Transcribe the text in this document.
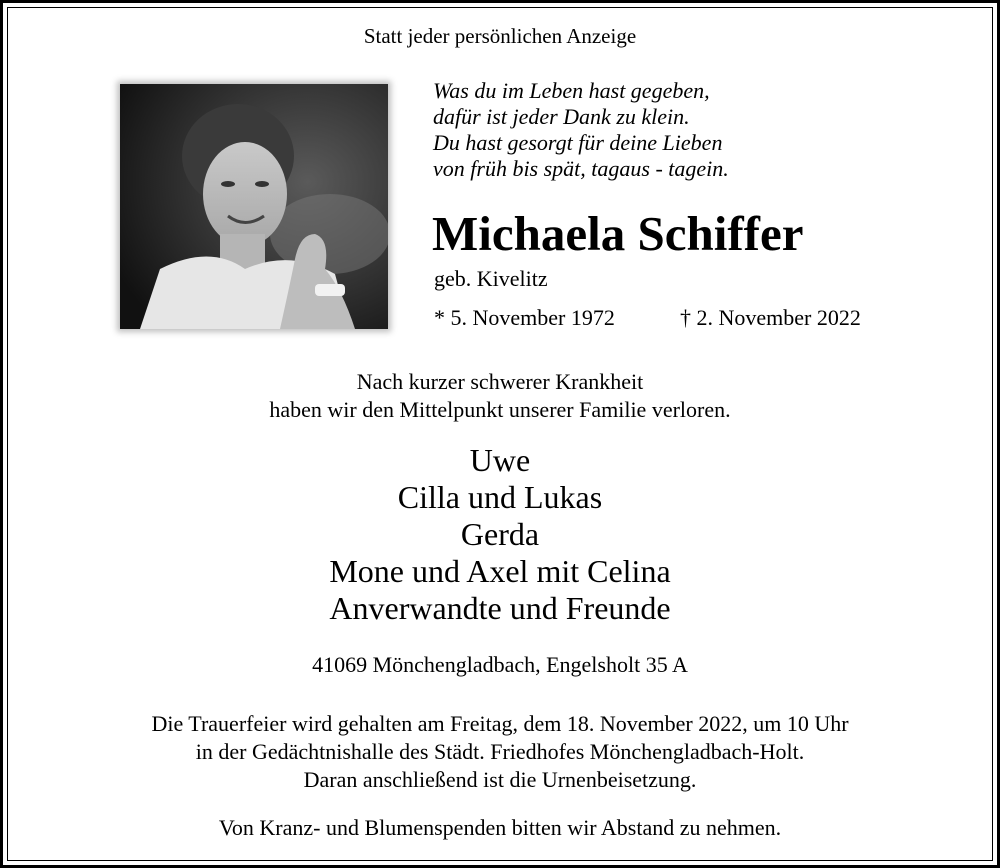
Statt jeder persönlichen Anzeige
Was du im Leben hast gegeben,
dafür ist jeder Dank zu klein.
Du hast gesorgt für deine Lieben
von früh bis spät, tagaus - tagein.
Michaela Schiffer
geb. Kivelitz
* 5. November 1972	† 2. November 2022
Nach kurzer schwerer Krankheit
haben wir den Mittelpunkt unserer Familie verloren.
Uwe
Cilla und Lukas
Gerda
Mone und Axel mit Celina
Anverwandte und Freunde
41069 Mönchengladbach, Engelsholt 35 A
Die Trauerfeier wird gehalten am Freitag, dem 18. November 2022, um 10 Uhr
in der Gedächtnishalle des Städt. Friedhofes Mönchengladbach-Holt.
Daran anschließend ist die Urnenbeisetzung.
Von Kranz- und Blumenspenden bitten wir Abstand zu nehmen.
